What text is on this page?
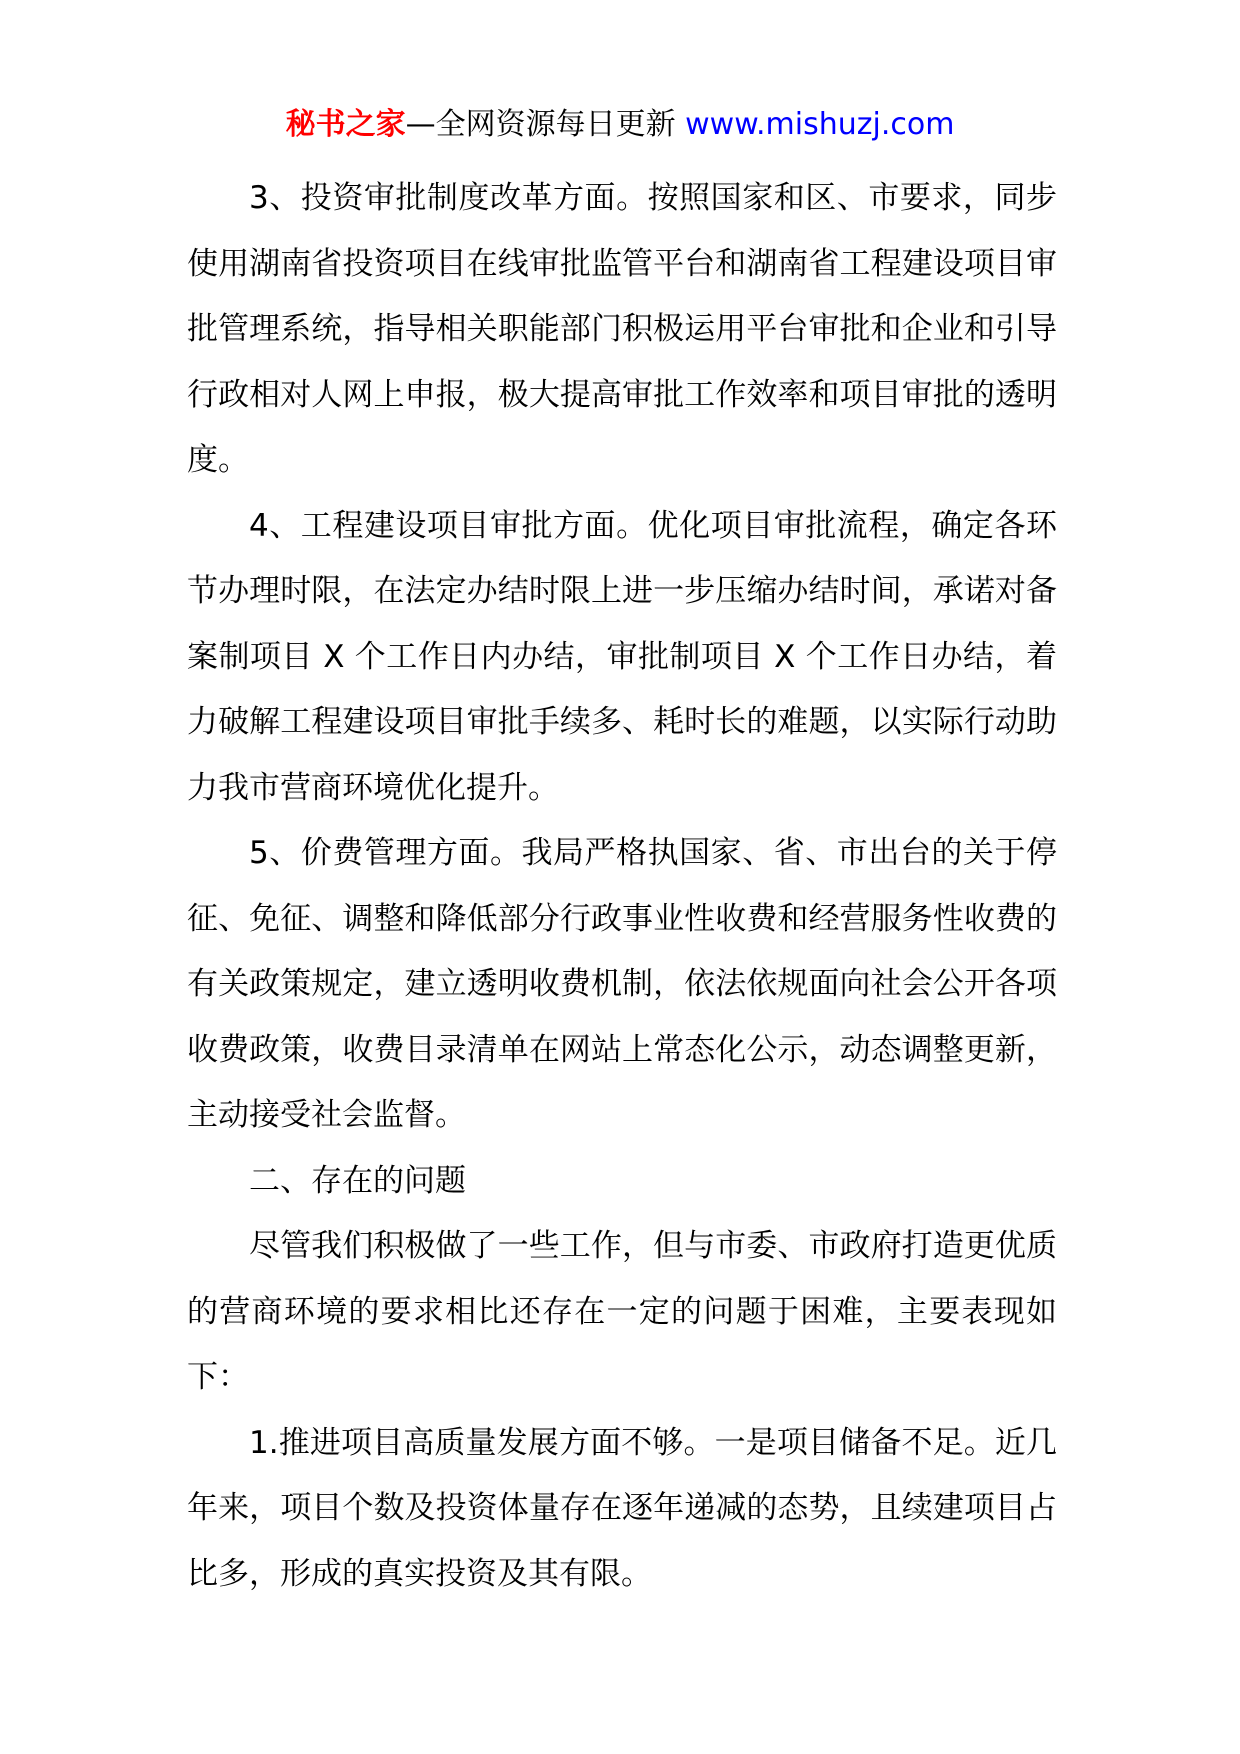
秘书之家—全网资源每日更新 www.mishuzj.com

3、投资审批制度改革方面。按照国家和区、市要求，同步使用湖南省投资项目在线审批监管平台和湖南省工程建设项目审批管理系统，指导相关职能部门积极运用平台审批和企业和引导行政相对人网上申报，极大提高审批工作效率和项目审批的透明度。

4、工程建设项目审批方面。优化项目审批流程，确定各环节办理时限，在法定办结时限上进一步压缩办结时间，承诺对备案制项目 X 个工作日内办结，审批制项目 X 个工作日办结，着力破解工程建设项目审批手续多、耗时长的难题，以实际行动助力我市营商环境优化提升。

5、价费管理方面。我局严格执国家、省、市出台的关于停征、免征、调整和降低部分行政事业性收费和经营服务性收费的有关政策规定，建立透明收费机制，依法依规面向社会公开各项收费政策，收费目录清单在网站上常态化公示，动态调整更新，主动接受社会监督。

二、存在的问题

尽管我们积极做了一些工作，但与市委、市政府打造更优质的营商环境的要求相比还存在一定的问题于困难，主要表现如下：

1.推进项目高质量发展方面不够。一是项目储备不足。近几年来，项目个数及投资体量存在逐年递减的态势，且续建项目占比多，形成的真实投资及其有限。
